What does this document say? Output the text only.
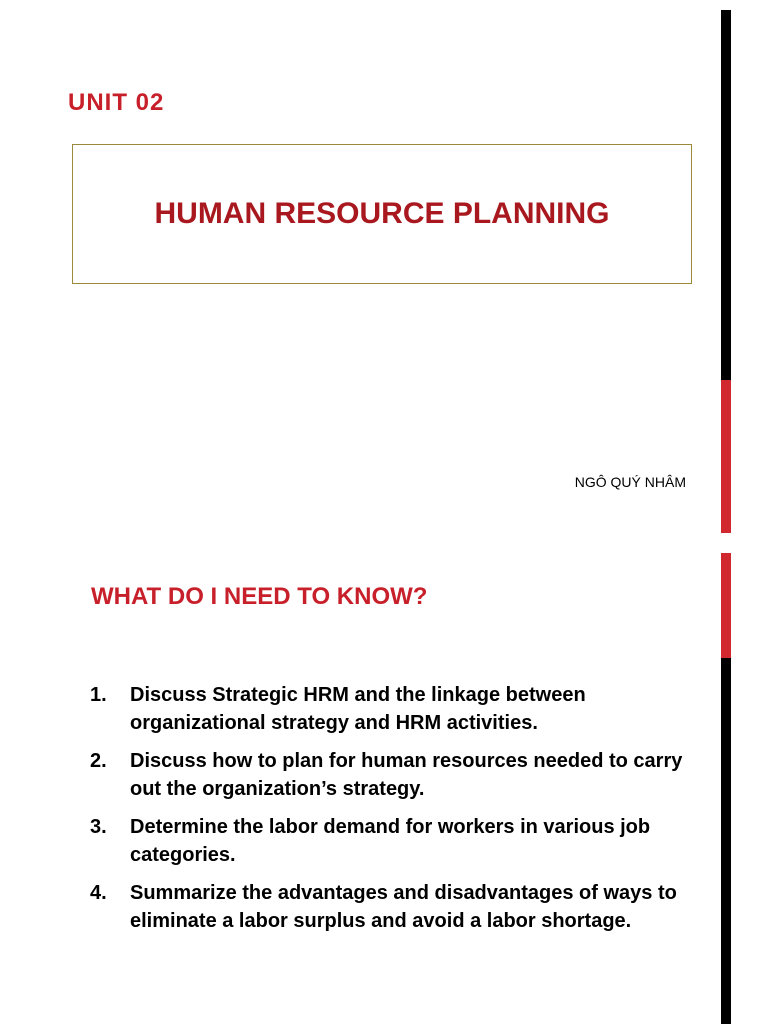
UNIT 02
HUMAN RESOURCE PLANNING
NGÔ QUÝ NHÂM
WHAT DO I NEED TO KNOW?
1.	Discuss Strategic HRM and the linkage between organizational strategy and HRM activities.
2.	Discuss how to plan for human resources needed to carry out the organization’s strategy.
3.	Determine the labor demand for workers in various job categories.
4.	Summarize the advantages and disadvantages of ways to eliminate a labor surplus and avoid a labor shortage.
